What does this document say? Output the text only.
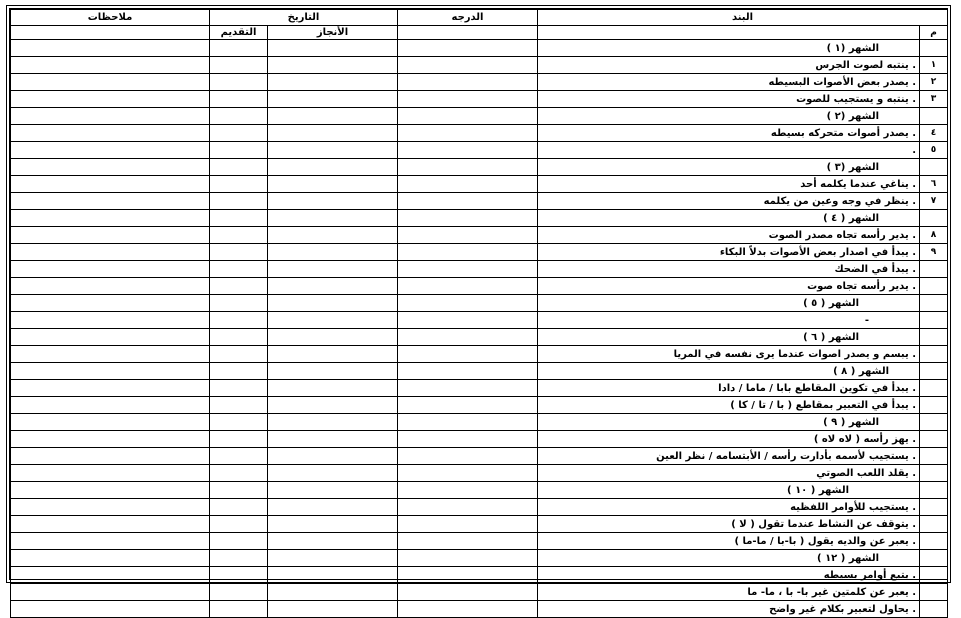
ملاحظات	التاريخ		الدرجه	البند	
	التقديم	الأنجاز			م
				الشهر (١ )	
				. ينتبه لصوت الجرس	١
				. يصدر بعض الأصوات البسيطه	٢
				. ينتبه و يستجيب للصوت	٣
				الشهر (٢ )	
				. يصدر أصوات متحركه بسيطه	٤
				.	٥
				الشهر (٣ )	
				. يناغي عندما يكلمه أحد	٦
				. ينظر في وجه وعين من يكلمه	٧
				الشهر ( ٤ )	
				. يدير رأسه تجاه مصدر الصوت	٨
				. يبدأ في اصدار بعض الأصوات بدلاً البكاء	٩
				. يبدأ في الضحك	
				. يدير رأسه تجاه صوت	
				الشهر ( ٥ )	
				-	
				الشهر ( ٦ )	
				. يبسم و يصدر اصوات عندما يرى نفسه في المريا	
				الشهر ( ٨ )	
				. يبدأ في تكوين المقاطع بابا / ماما / دادا	
				. يبدأ في التعبير بمقاطع ( با / تا / كا )	
				الشهر ( ٩ )	
				. يهز رأسه ( لاه لاه )	
				. يستجيب لأسمه بأدارت رأسه / الأبتسامه / نظر العين	
				. يقلد اللعب الصوتي	
				الشهر ( ١٠ )	
				. يستجيب للأوامر اللفظيه	
				. يتوقف عن النشاط عندما تقول ( لا )	
				. يعبر عن والديه يقول ( با-با / ما-ما )	
				الشهر ( ١٢ )	
				. يتبع أوامر بسيطه	
				. يعبر عن كلمتين غير با- با ، ما- ما	
				. يحاول لتعبير بكلام غير واضح	
